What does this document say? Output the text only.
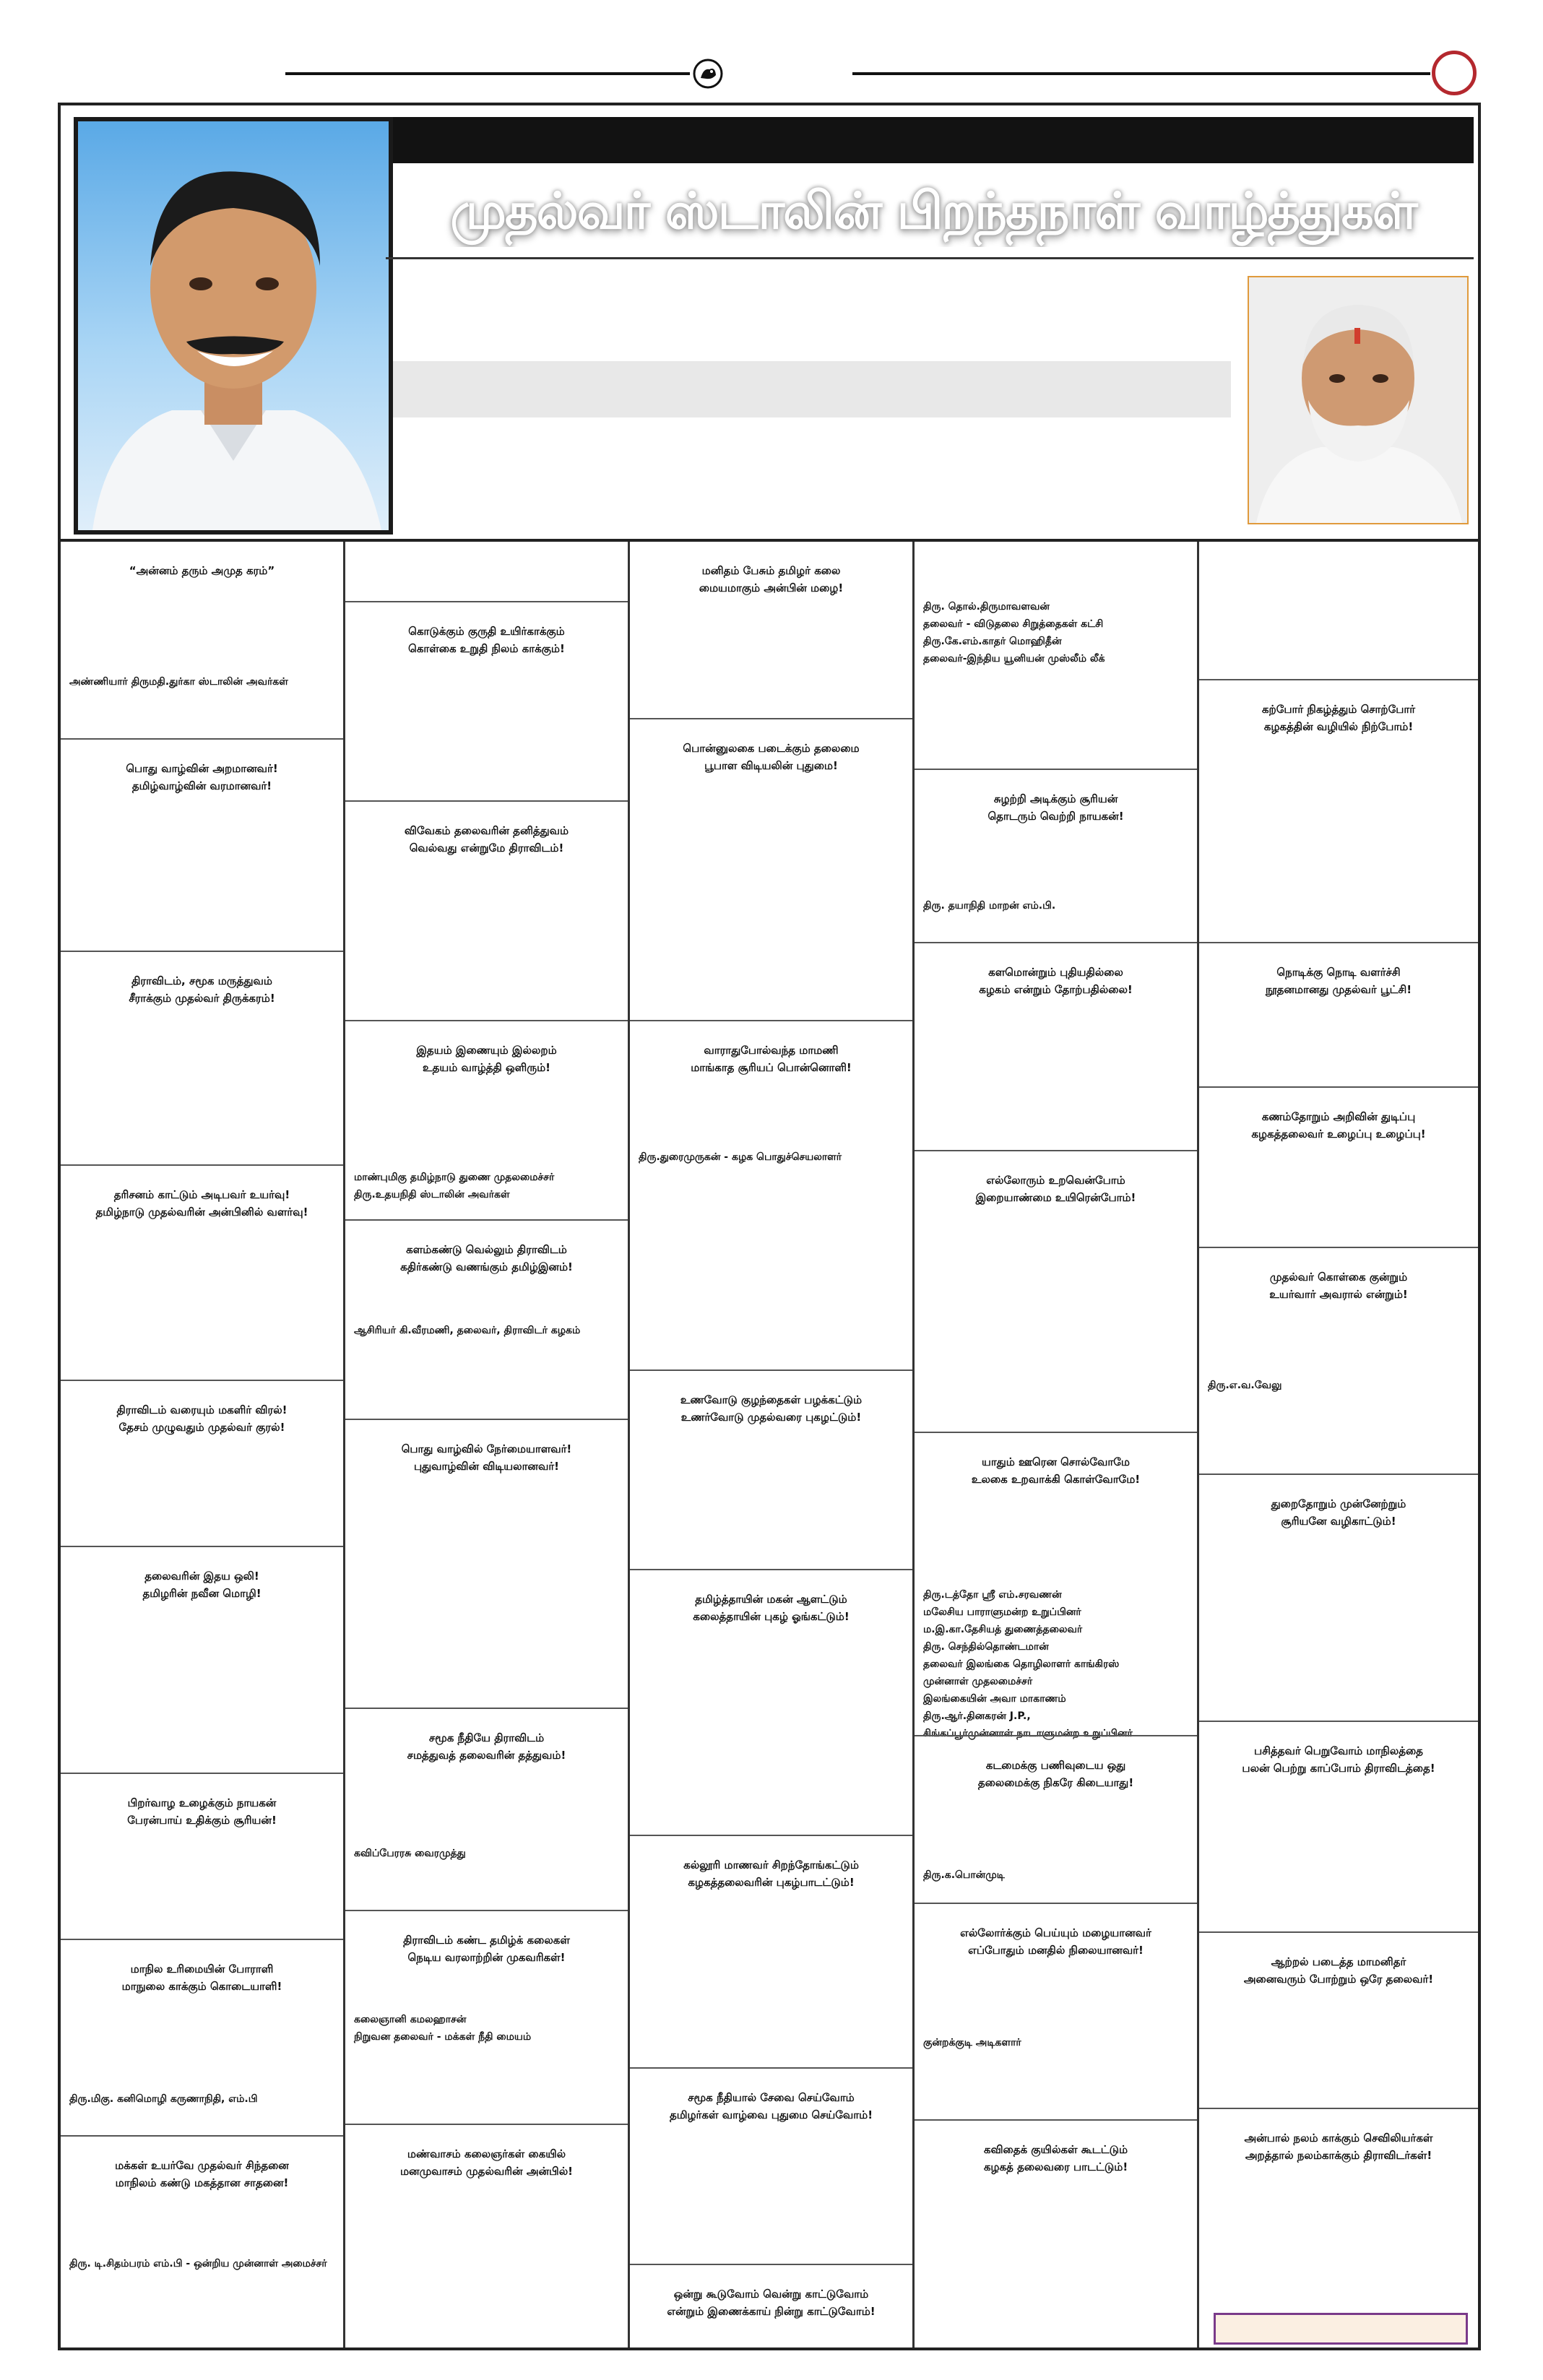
முதல்வர் ஸ்டாலின் பிறந்தநாள் வாழ்த்துகள்
“அன்னம் தரும் அமுத கரம்”
அண்ணியார் திருமதி.துர்கா ஸ்டாலின் அவர்கள்
பொது வாழ்வின் அறமானவர்!
தமிழ்வாழ்வின் வரமானவர்!
திராவிடம், சமூக மருத்துவம்
சீராக்கும் முதல்வர் திருக்கரம்!
தரிசனம் காட்டும் அடிபவர் உயர்வு!
தமிழ்நாடு முதல்வரின் அன்பினில் வளர்வு!
திராவிடம் வரையும் மகளிர் விரல்!
தேசம் முழுவதும் முதல்வர் குரல்!
தலைவரின் இதய ஒலி!
தமிழரின் நவீன மொழி!
பிறர்வாழ உழைக்கும் நாயகன்
பேரன்பாய் உதிக்கும் சூரியன்!
மாநில உரிமையின் போராளி
மாநுலை காக்கும் கொடையாளி!
திரு.மிகு. கனிமொழி கருணாநிதி, எம்.பி
மக்கள் உயர்வே முதல்வர் சிந்தனை
மாநிலம் கண்டு மகத்தான சாதனை!
திரு. டி.சிதம்பரம் எம்.பி - ஒன்றிய முன்னாள் அமைச்சர்
கொடுக்கும் குருதி உயிர்காக்கும்
கொள்கை உறுதி நிலம் காக்கும்!
விவேகம் தலைவரின் தனித்துவம்
வெல்வது என்றுமே திராவிடம்!
இதயம் இணையும் இல்லறம்
உதயம் வாழ்த்தி ஒளிரும்!
மாண்புமிகு தமிழ்நாடு துணை முதலமைச்சர்
திரு.உதயநிதி ஸ்டாலின் அவர்கள்
களம்கண்டு வெல்லும் திராவிடம்
கதிர்கண்டு வணங்கும் தமிழ்இனம்!
ஆசிரியர் கி.வீரமணி, தலைவர், திராவிடர் கழகம்
பொது வாழ்வில் நேர்மையாளவர்!
புதுவாழ்வின் விடியலானவர்!
சமூக நீதியே திராவிடம்
சமத்துவத் தலைவரின் தத்துவம்!
கவிப்பேரரசு வைரமுத்து
திராவிடம் கண்ட தமிழ்க் கலைகள்
நெடிய வரலாற்றின் முகவரிகள்!
கலைஞானி கமலஹாசன்
நிறுவன தலைவர் - மக்கள் நீதி மையம்
மண்வாசம் கலைஞர்கள் கையில்
மனமுவாசம் முதல்வரின் அன்பில்!
மனிதம் பேசும் தமிழர் கலை
மையமாகும் அன்பின் மழை!
பொன்னுலகை படைக்கும் தலைமை
பூபாள விடியலின் புதுமை!
வாராதுபோல்வந்த மாமணி
மாங்காத சூரியப் பொன்னொளி!
திரு.துரைமுருகன் - கழக பொதுச்செயலாளர்
உணவோடு குழந்தைகள் பழக்கட்டும்
உணர்வோடு முதல்வரை புகழட்டும்!
தமிழ்த்தாயின் மகன் ஆளட்டும்
கலைத்தாயின் புகழ் ஓங்கட்டும்!
கல்லூரி மாணவர் சிறந்தோங்கட்டும்
கழகத்தலைவரின் புகழ்பாடட்டும்!
சமூக நீதியால் சேவை செய்வோம்
தமிழர்கள் வாழ்வை புதுமை செய்வோம்!
ஒன்று கூடுவோம் வென்று காட்டுவோம்
என்றும் இணைக்காய் நின்று காட்டுவோம்!
திரு. தொல்.திருமாவளவன்
தலைவர் - விடுதலை சிறுத்தைகள் கட்சி
திரு.கே.எம்.காதர் மொஹிதீன்
தலைவர்-இந்திய யூனியன் முஸ்லீம் லீக்
சுழற்றி அடிக்கும் சூரியன்
தொடரும் வெற்றி நாயகன்!
திரு. தயாநிதி மாறன் எம்.பி.
களமொன்றும் புதியதில்லை
கழகம் என்றும் தோற்பதில்லை!
எல்லோரும் உறவென்போம்
இறையாண்மை உயிரென்போம்!
யாதும் ஊரென சொல்வோமே
உலகை உறவாக்கி கொள்வோமே!
திரு.டத்தோ ஸ்ரீ எம்.சரவணன்
மலேசிய பாராளுமன்ற உறுப்பினர்
ம.இ.கா.தேசியத் துணைத்தலைவர்
திரு. செந்தில்தொண்டமான்
தலைவர் இலங்கை தொழிலாளர் காங்கிரஸ்
முன்னாள் முதலமைச்சர்
இலங்கையின் அவா மாகாணம்
திரு.ஆர்.தினகரன் J.P.,
சிங்கப்பூர்முன்னாள் நாடாளுமன்ற உறுப்பினர்
கடமைக்கு பணிவுடைய ஒது
தலைமைக்கு நிகரே கிடையாது!
திரு.க.பொன்முடி
எல்லோர்க்கும் பெய்யும் மழையானவர்
எப்போதும் மனதில் நிலையானவர்!
குன்றக்குடி அடிகளார்
கவிதைக் குயில்கள் கூடட்டும்
கழகத் தலைவரை பாடட்டும்!
கற்போர் நிகழ்த்தும் சொற்போர்
கழகத்தின் வழியில் நிற்போம்!
நொடிக்கு நொடி வளர்ச்சி
நூதனமானது முதல்வர் பூட்சி!
கணம்தோறும் அறிவின் துடிப்பு
கழகத்தலைவர் உழைப்பு உழைப்பு!
முதல்வர் கொள்கை குன்றும்
உயர்வார் அவரால் என்றும்!
திரு.எ.வ.வேலு
துறைதோறும் முன்னேற்றும்
சூரியனே வழிகாட்டும்!
பசித்தவர் பெறுவோம் மாநிலத்தை
பலன் பெற்று காப்போம் திராவிடத்தை!
ஆற்றல் படைத்த மாமனிதர்
அனைவரும் போற்றும் ஒரே தலைவர்!
அன்பால் நலம் காக்கும் செவிலியர்கள்
அறத்தால் நலம்காக்கும் திராவிடர்கள்!
